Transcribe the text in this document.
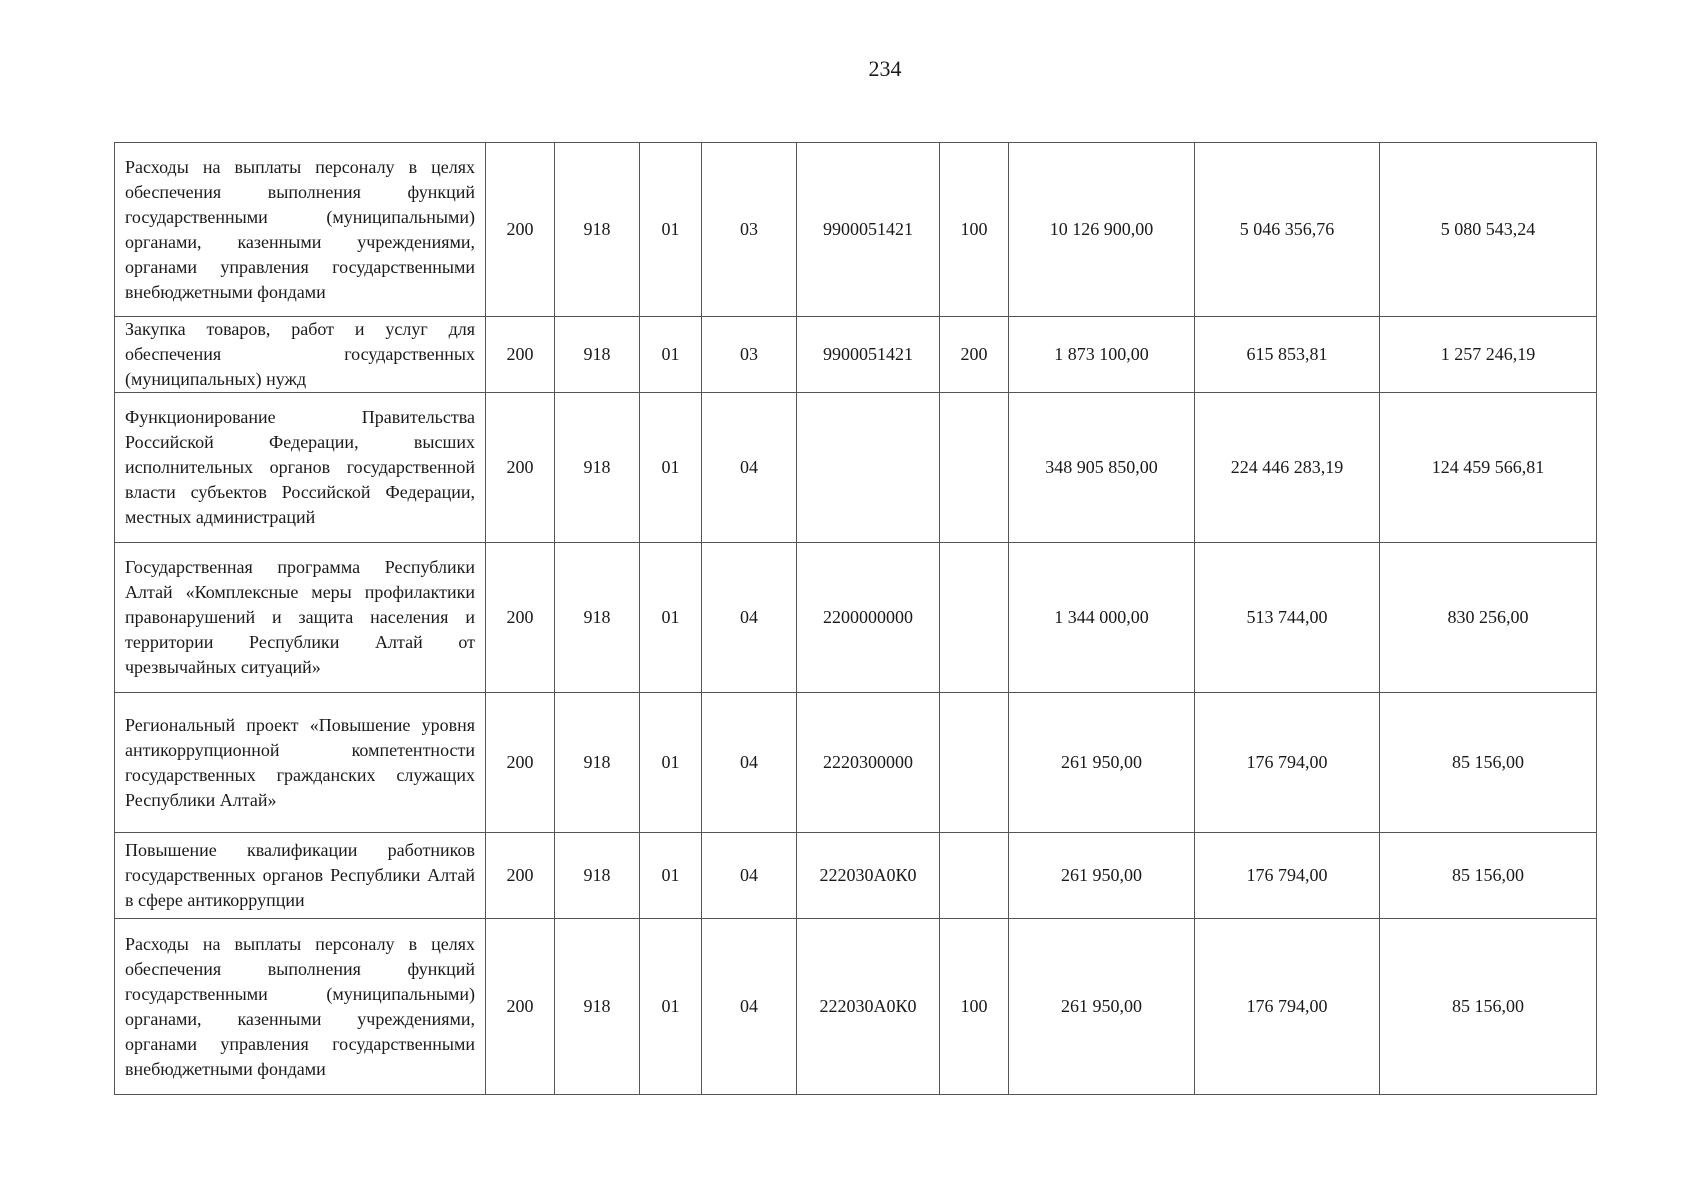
234
Расходы на выплаты персоналу в целях обеспечения выполнения функций государственными (муниципальными) органами, казенными учреждениями, органами управления государственными внебюджетными фондами	200	918	01	03	9900051421	100	10 126 900,00	5 046 356,76	5 080 543,24
Закупка товаров, работ и услуг для обеспечения государственных (муниципальных) нужд	200	918	01	03	9900051421	200	1 873 100,00	615 853,81	1 257 246,19
Функционирование Правительства Российской Федерации, высших исполнительных органов государственной власти субъектов Российской Федерации, местных администраций	200	918	01	04			348 905 850,00	224 446 283,19	124 459 566,81
Государственная программа Республики Алтай «Комплексные меры профилактики правонарушений и защита населения и территории Республики Алтай от чрезвычайных ситуаций»	200	918	01	04	2200000000		1 344 000,00	513 744,00	830 256,00
Региональный проект «Повышение уровня антикоррупционной компетентности государственных гражданских служащих Республики Алтай»	200	918	01	04	2220300000		261 950,00	176 794,00	85 156,00
Повышение квалификации работников государственных органов Республики Алтай в сфере антикоррупции	200	918	01	04	222030А0К0		261 950,00	176 794,00	85 156,00
Расходы на выплаты персоналу в целях обеспечения выполнения функций государственными (муниципальными) органами, казенными учреждениями, органами управления государственными внебюджетными фондами	200	918	01	04	222030А0К0	100	261 950,00	176 794,00	85 156,00
